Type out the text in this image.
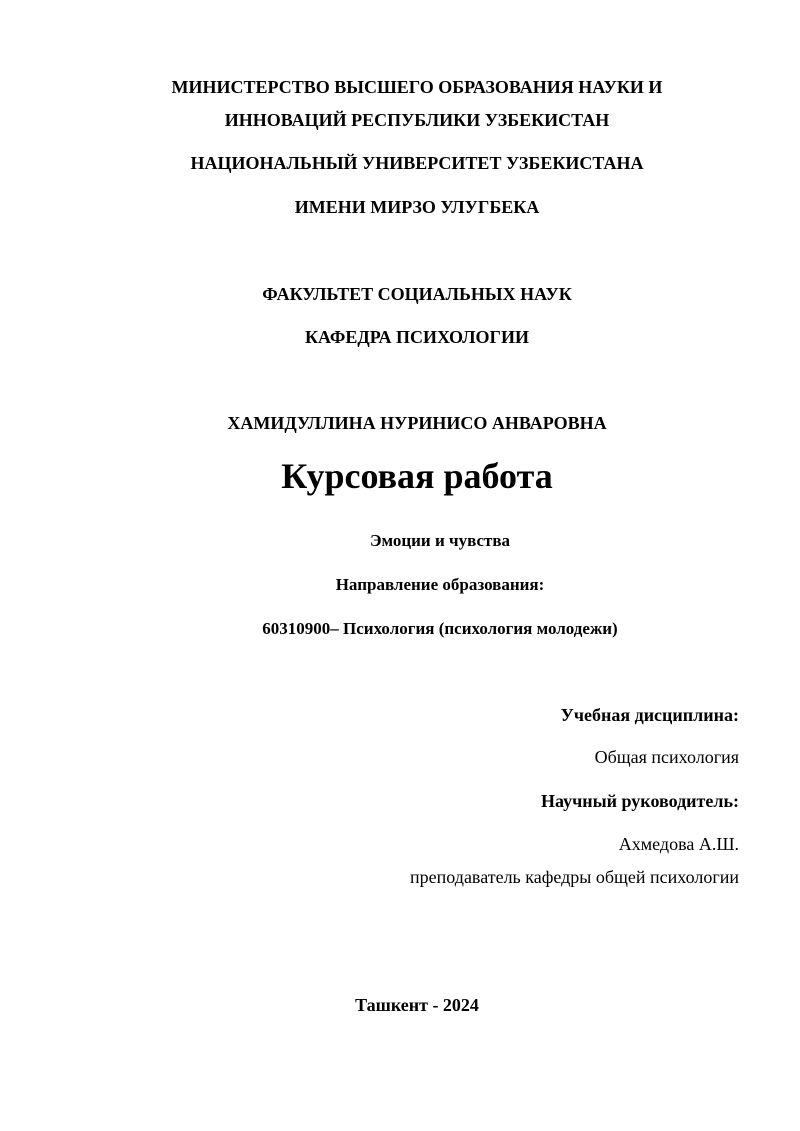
МИНИСТЕРСТВО ВЫСШЕГО ОБРАЗОВАНИЯ НАУКИ И
ИННОВАЦИЙ РЕСПУБЛИКИ УЗБЕКИСТАН
НАЦИОНАЛЬНЫЙ УНИВЕРСИТЕТ УЗБЕКИСТАНА
ИМЕНИ МИРЗО УЛУГБЕКА
ФАКУЛЬТЕТ СОЦИАЛЬНЫХ НАУК
КАФЕДРА ПСИХОЛОГИИ
ХАМИДУЛЛИНА НУРИНИСО АНВАРОВНА
Курсовая работа
Эмоции и чувства
Направление образования:
60310900– Психология (психология молодежи)
Учебная дисциплина:
Общая психология
Научный руководитель:
Ахмедова А.Ш.
преподаватель кафедры общей психологии
Ташкент - 2024
